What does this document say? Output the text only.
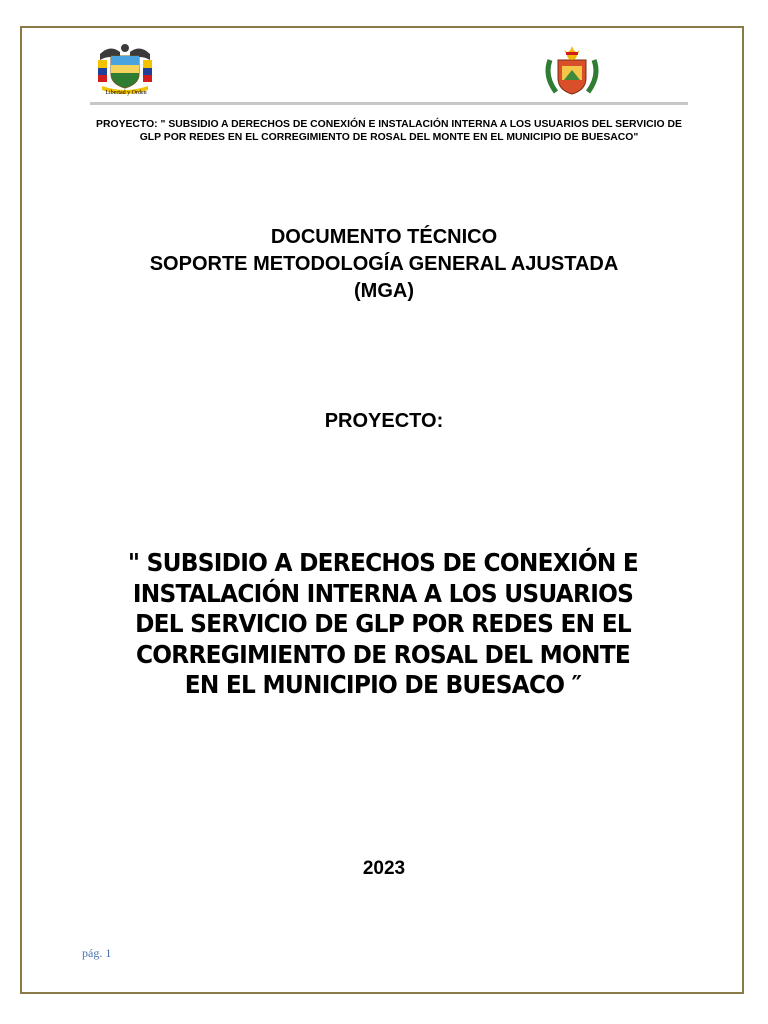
Libertad y Orden
PROYECTO: " SUBSIDIO A DERECHOS DE CONEXIÓN E INSTALACIÓN INTERNA A LOS USUARIOS DEL SERVICIO DE GLP POR REDES EN EL CORREGIMIENTO DE ROSAL DEL MONTE EN EL MUNICIPIO DE BUESACO"
DOCUMENTO TÉCNICO
SOPORTE METODOLOGÍA GENERAL AJUSTADA
(MGA)
PROYECTO:
" SUBSIDIO A DERECHOS DE CONEXIÓN E INSTALACIÓN INTERNA A LOS USUARIOS DEL SERVICIO DE GLP POR REDES EN EL CORREGIMIENTO DE ROSAL DEL MONTE EN EL MUNICIPIO DE BUESACO ″
2023
pág. 1
